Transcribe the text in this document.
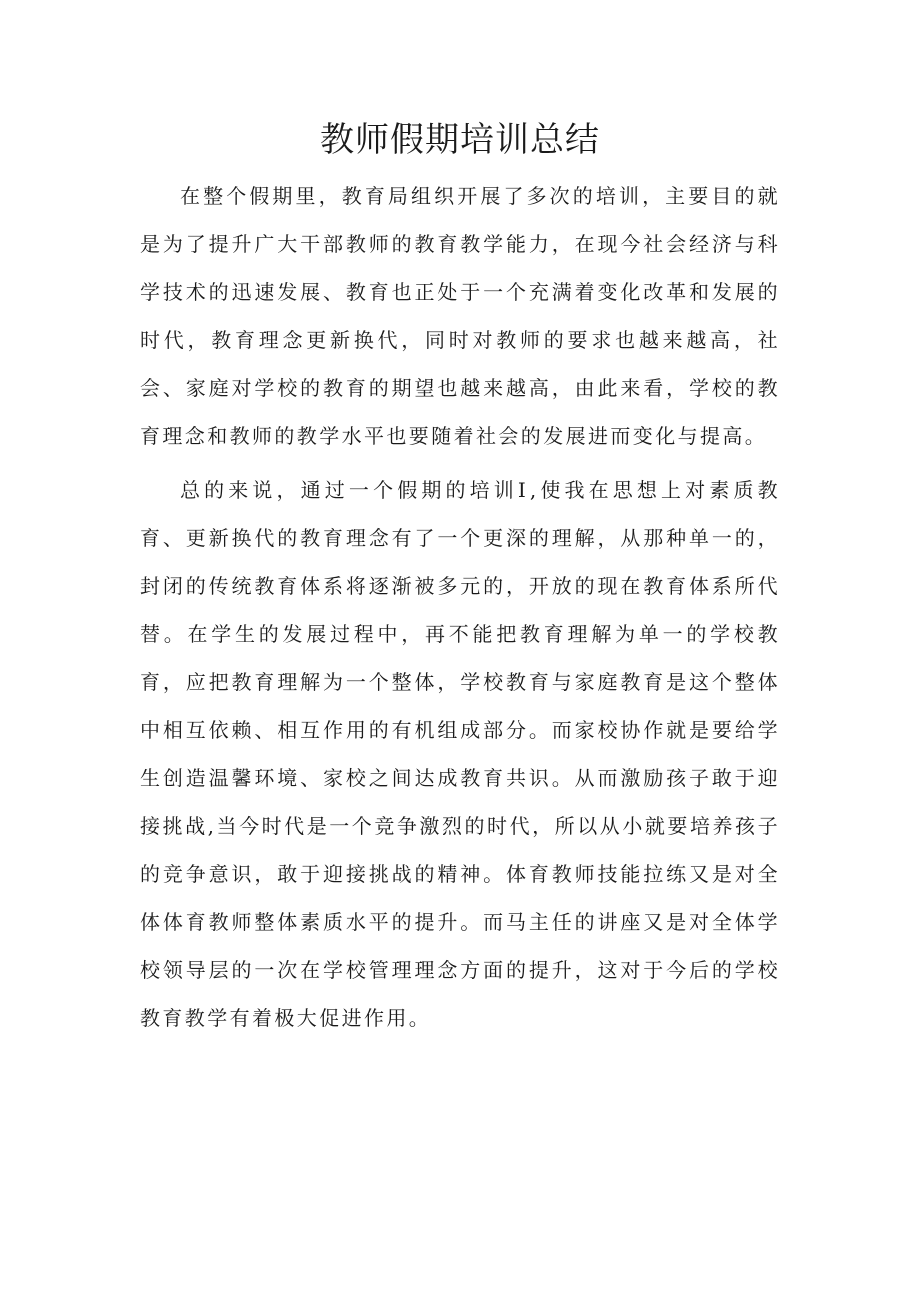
教师假期培训总结

在整个假期里，教育局组织开展了多次的培训，主要目的就是为了提升广大干部教师的教育教学能力，在现今社会经济与科学技术的迅速发展、教育也正处于一个充满着变化改革和发展的时代，教育理念更新换代，同时对教师的要求也越来越高，社会、家庭对学校的教育的期望也越来越高，由此来看，学校的教育理念和教师的教学水平也要随着社会的发展进而变化与提高。

总的来说，通过一个假期的培训Ⅰ,使我在思想上对素质教育、更新换代的教育理念有了一个更深的理解，从那种单一的，封闭的传统教育体系将逐渐被多元的，开放的现在教育体系所代替。在学生的发展过程中，再不能把教育理解为单一的学校教育，应把教育理解为一个整体，学校教育与家庭教育是这个整体中相互依赖、相互作用的有机组成部分。而家校协作就是要给学生创造温馨环境、家校之间达成教育共识。从而激励孩子敢于迎接挑战,当今时代是一个竞争激烈的时代，所以从小就要培养孩子的竞争意识，敢于迎接挑战的精神。体育教师技能拉练又是对全体体育教师整体素质水平的提升。而马主任的讲座又是对全体学校领导层的一次在学校管理理念方面的提升，这对于今后的学校教育教学有着极大促进作用。
